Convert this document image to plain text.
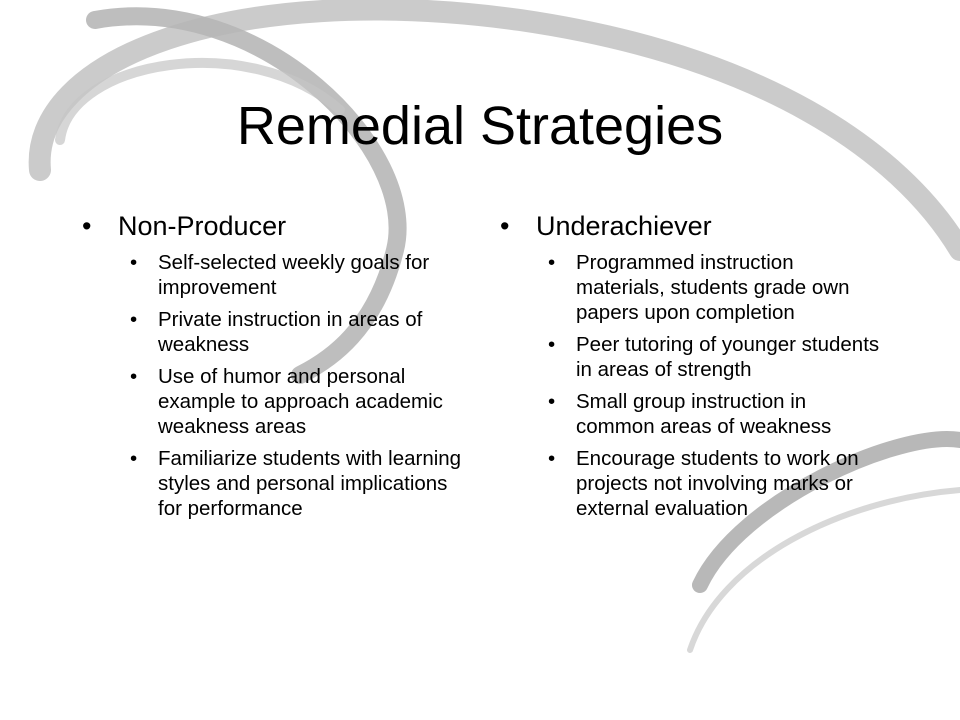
Remedial Strategies
• Non-Producer
• Self-selected weekly goals for improvement
• Private instruction in areas of weakness
• Use of humor and personal example to approach academic weakness areas
• Familiarize students with learning styles and personal implications for performance
• Underachiever
• Programmed instruction materials, students grade own papers upon completion
• Peer tutoring of younger students in areas of strength
• Small group instruction in common areas of weakness
• Encourage students to work on projects not involving marks or external evaluation
